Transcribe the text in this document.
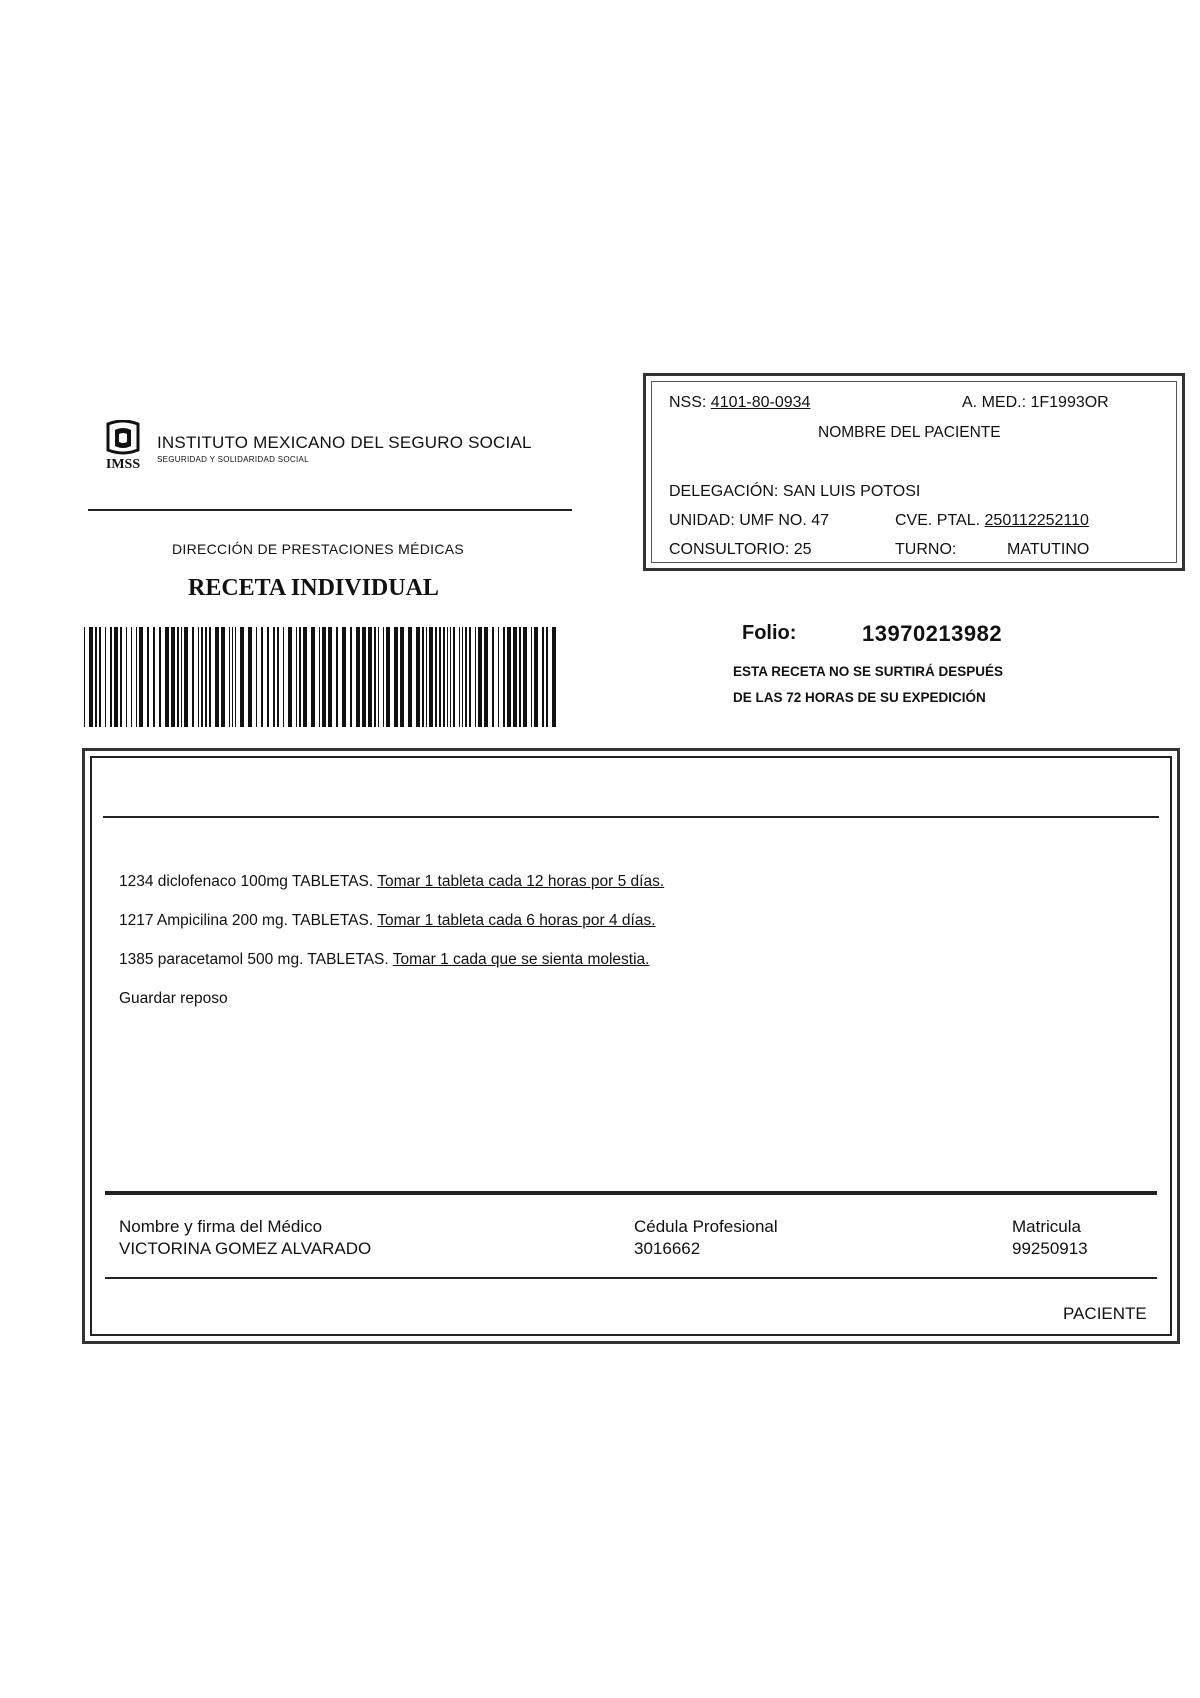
IMSS
INSTITUTO MEXICANO DEL SEGURO SOCIAL
SEGURIDAD Y SOLIDARIDAD SOCIAL
DIRECCIÓN DE PRESTACIONES MÉDICAS
RECETA INDIVIDUAL
NSS: 4101-80-0934	A. MED.: 1F1993OR
NOMBRE DEL PACIENTE
DELEGACIÓN: SAN LUIS POTOSI
UNIDAD: UMF NO. 47	CVE. PTAL. 250112252110
CONSULTORIO: 25	TURNO:	MATUTINO
Folio:	13970213982
ESTA RECETA NO SE SURTIRÁ DESPUÉS
DE LAS 72 HORAS DE SU EXPEDICIÓN
1234 diclofenaco 100mg TABLETAS. Tomar 1 tableta cada 12 horas por 5 días.
1217 Ampicilina 200 mg. TABLETAS. Tomar 1 tableta cada 6 horas por 4 días.
1385 paracetamol 500 mg. TABLETAS. Tomar 1 cada que se sienta molestia.
Guardar reposo
Nombre y firma del Médico
VICTORINA GOMEZ ALVARADO
Cédula Profesional
3016662
Matricula
99250913
PACIENTE
